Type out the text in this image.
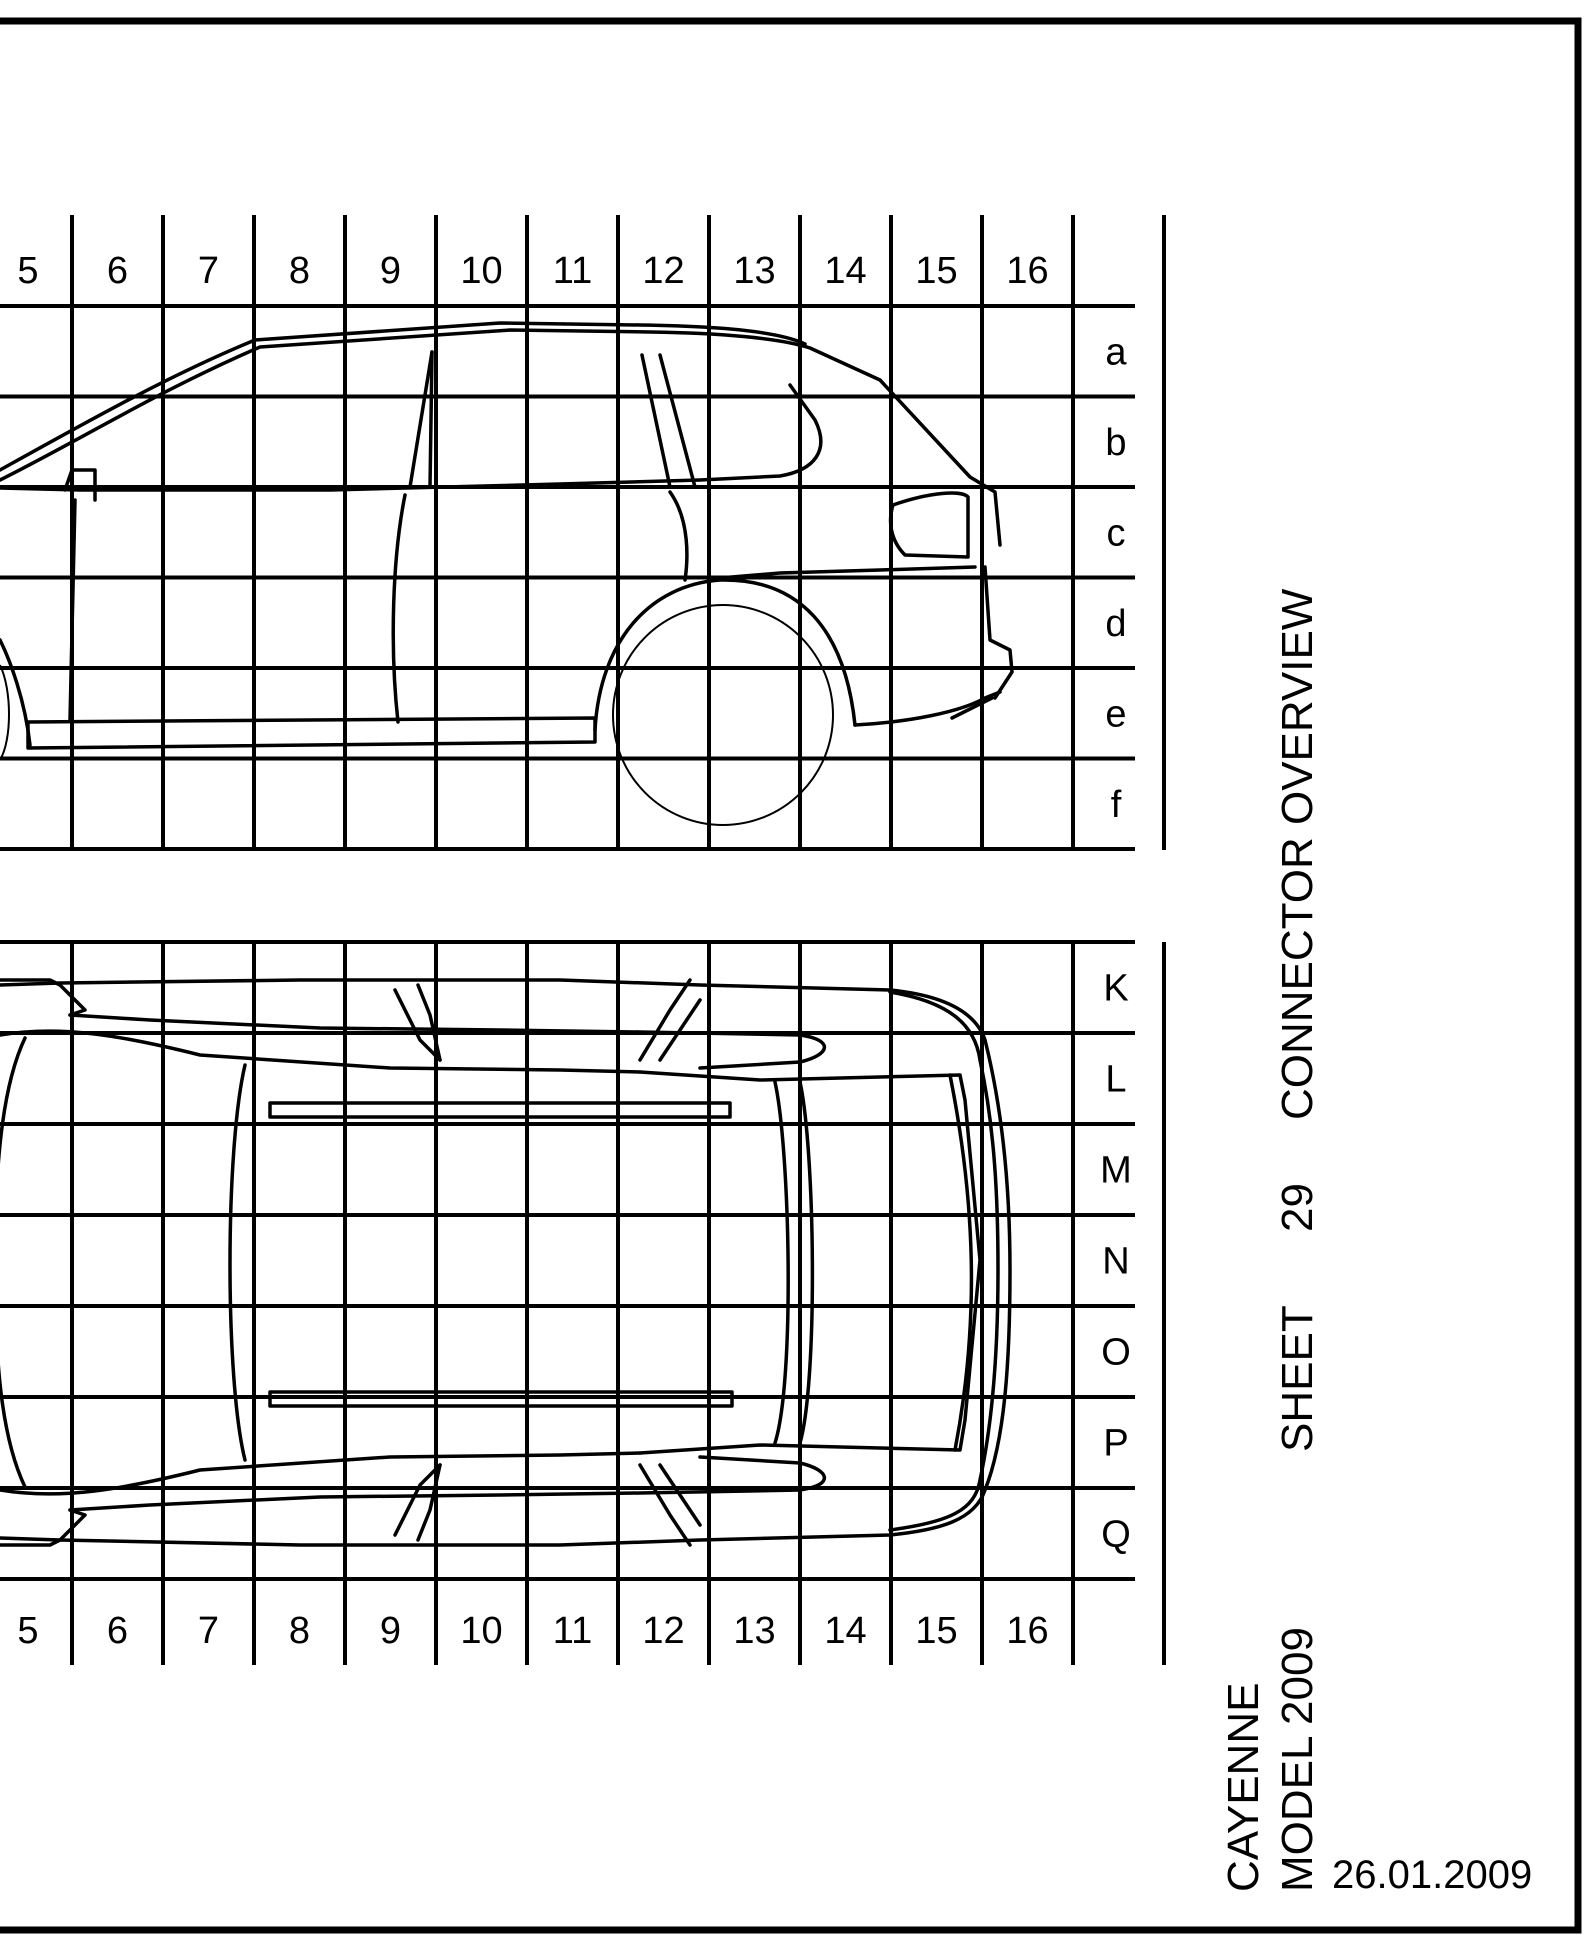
5 6 7 8 9 10 11 12 13 14 15 16
a
b
c
d
e
f
5 6 7 8 9 10 11 12 13 14 15 16
K
L
M
N
O
P
Q
CONNECTOR OVERVIEW
29
SHEET
CAYENNE MODEL 2009 26.01.2009
